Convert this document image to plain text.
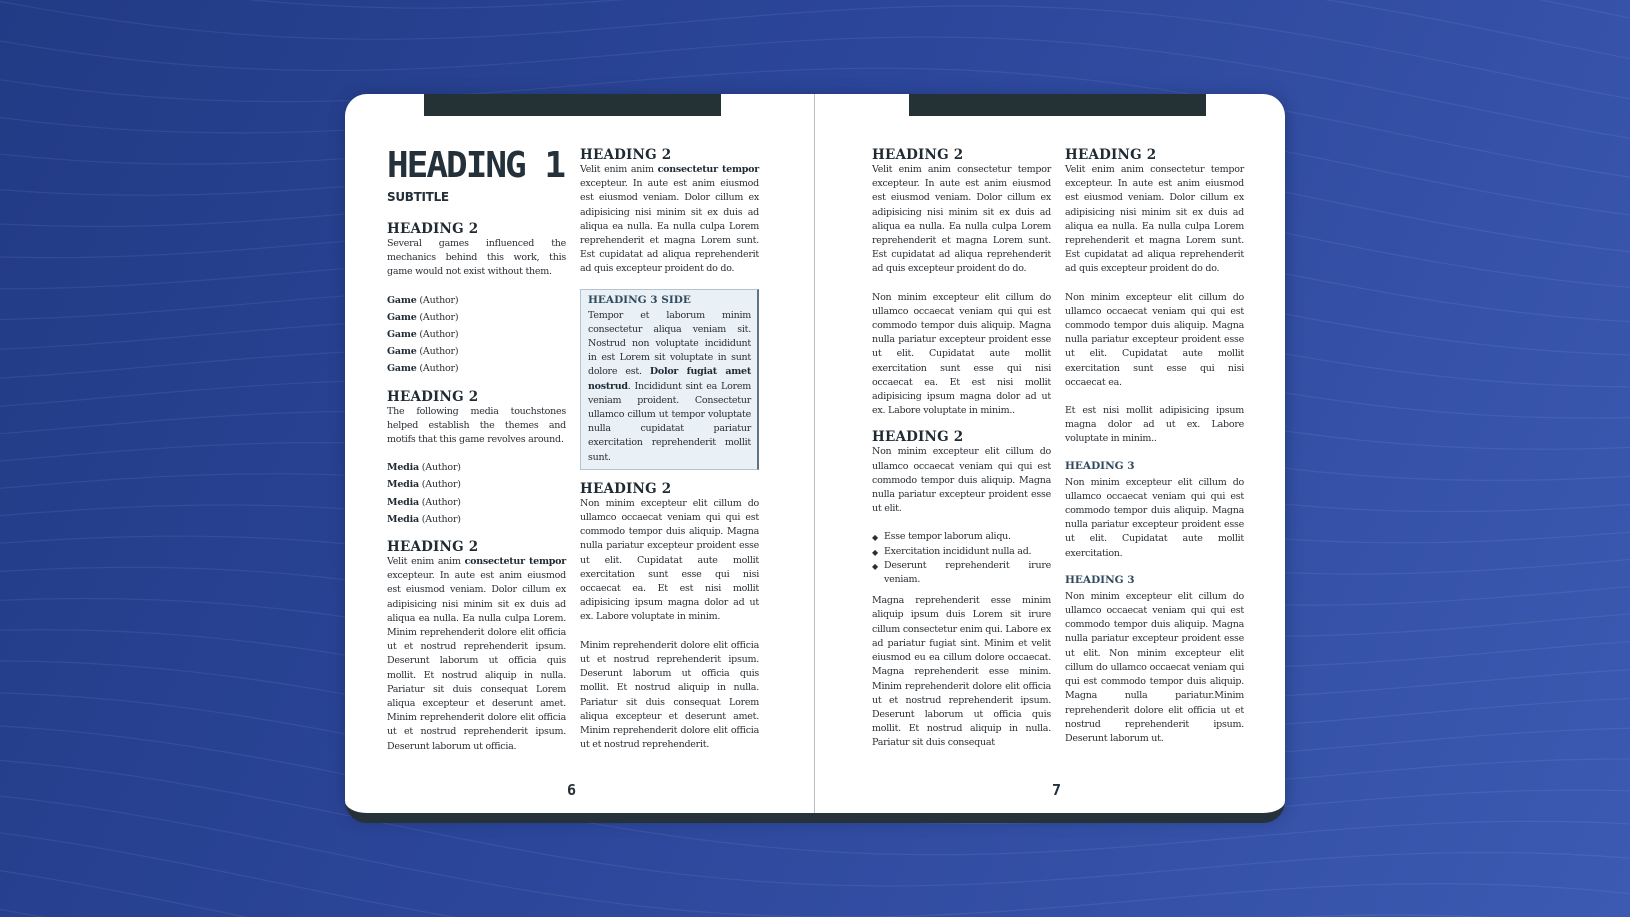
HEADING 1
SUBTITLE
HEADING 2

Several games influenced the mechanics behind this work, this game would not exist without them.

Game (Author)
Game (Author)
Game (Author)
Game (Author)
Game (Author)
HEADING 2

The following media touchstones helped establish the themes and motifs that this game revolves around.

Media (Author)
Media (Author)
Media (Author)
Media (Author)
HEADING 2

Velit enim anim consectetur tempor excepteur. In aute est anim eiusmod est eiusmod veniam. Dolor cillum ex adipisicing nisi minim sit ex duis ad aliqua ea nulla. Ea nulla culpa Lorem. Minim reprehenderit dolore elit officia ut et nostrud reprehenderit ipsum. Deserunt laborum ut officia quis mollit. Et nostrud aliquip in nulla. Pariatur sit duis consequat Lorem aliqua excepteur et deserunt amet. Minim reprehenderit dolore elit officia ut et nostrud reprehenderit ipsum. Deserunt laborum ut officia.

HEADING 2

Velit enim anim consectetur tempor excepteur. In aute est anim eiusmod est eiusmod veniam. Dolor cillum ex adipisicing nisi minim sit ex duis ad aliqua ea nulla. Ea nulla culpa Lorem reprehenderit et magna Lorem sunt. Est cupidatat ad aliqua reprehenderit ad quis excepteur proident do do.

HEADING 3 SIDE

Tempor et laborum minim consectetur aliqua veniam sit. Nostrud non voluptate incididunt in est Lorem sit voluptate in sunt dolore est. Dolor fugiat amet nostrud. Incididunt sint ea Lorem veniam proident. Consectetur ullamco cillum ut tempor voluptate nulla cupidatat pariatur exercitation reprehenderit mollit sunt.

HEADING 2

Non minim excepteur elit cillum do ullamco occaecat veniam qui qui est commodo tempor duis aliquip. Magna nulla pariatur excepteur proident esse ut elit. Cupidatat aute mollit exercitation sunt esse qui nisi occaecat ea. Et est nisi mollit adipisicing ipsum magna dolor ad ut ex. Labore voluptate in minim.

Minim reprehenderit dolore elit officia ut et nostrud reprehenderit ipsum. Deserunt laborum ut officia quis mollit. Et nostrud aliquip in nulla. Pariatur sit duis consequat Lorem aliqua excepteur et deserunt amet. Minim reprehenderit dolore elit officia ut et nostrud reprehenderit.

HEADING 2

Velit enim anim consectetur tempor excepteur. In aute est anim eiusmod est eiusmod veniam. Dolor cillum ex adipisicing nisi minim sit ex duis ad aliqua ea nulla. Ea nulla culpa Lorem reprehenderit et magna Lorem sunt. Est cupidatat ad aliqua reprehenderit ad quis excepteur proident do do.

Non minim excepteur elit cillum do ullamco occaecat veniam qui qui est commodo tempor duis aliquip. Magna nulla pariatur excepteur proident esse ut elit. Cupidatat aute mollit exercitation sunt esse qui nisi occaecat ea. Et est nisi mollit adipisicing ipsum magna dolor ad ut ex. Labore voluptate in minim..

HEADING 2

Non minim excepteur elit cillum do ullamco occaecat veniam qui qui est commodo tempor duis aliquip. Magna nulla pariatur excepteur proident esse ut elit.

◆ Esse tempor laborum aliqu.
◆ Exercitation incididunt nulla ad.
◆ Deserunt reprehenderit irure veniam.

Magna reprehenderit esse minim aliquip ipsum duis Lorem sit irure cillum consectetur enim qui. Labore ex ad pariatur fugiat sint. Minim et velit eiusmod eu ea cillum dolore occaecat. Magna reprehenderit esse minim. Minim reprehenderit dolore elit officia ut et nostrud reprehenderit ipsum. Deserunt laborum ut officia quis mollit. Et nostrud aliquip in nulla. Pariatur sit duis consequat

HEADING 2

Velit enim anim consectetur tempor excepteur. In aute est anim eiusmod est eiusmod veniam. Dolor cillum ex adipisicing nisi minim sit ex duis ad aliqua ea nulla. Ea nulla culpa Lorem reprehenderit et magna Lorem sunt. Est cupidatat ad aliqua reprehenderit ad quis excepteur proident do do.

Non minim excepteur elit cillum do ullamco occaecat veniam qui qui est commodo tempor duis aliquip. Magna nulla pariatur excepteur proident esse ut elit. Cupidatat aute mollit exercitation sunt esse qui nisi occaecat ea.

Et est nisi mollit adipisicing ipsum magna dolor ad ut ex. Labore voluptate in minim..

HEADING 3

Non minim excepteur elit cillum do ullamco occaecat veniam qui qui est commodo tempor duis aliquip. Magna nulla pariatur excepteur proident esse ut elit. Cupidatat aute mollit exercitation.

HEADING 3

Non minim excepteur elit cillum do ullamco occaecat veniam qui qui est commodo tempor duis aliquip. Magna nulla pariatur excepteur proident esse ut elit. Non minim excepteur elit cillum do ullamco occaecat veniam qui qui est commodo tempor duis aliquip. Magna nulla pariatur.Minim reprehenderit dolore elit officia ut et nostrud reprehenderit ipsum. Deserunt laborum ut.

6	7
